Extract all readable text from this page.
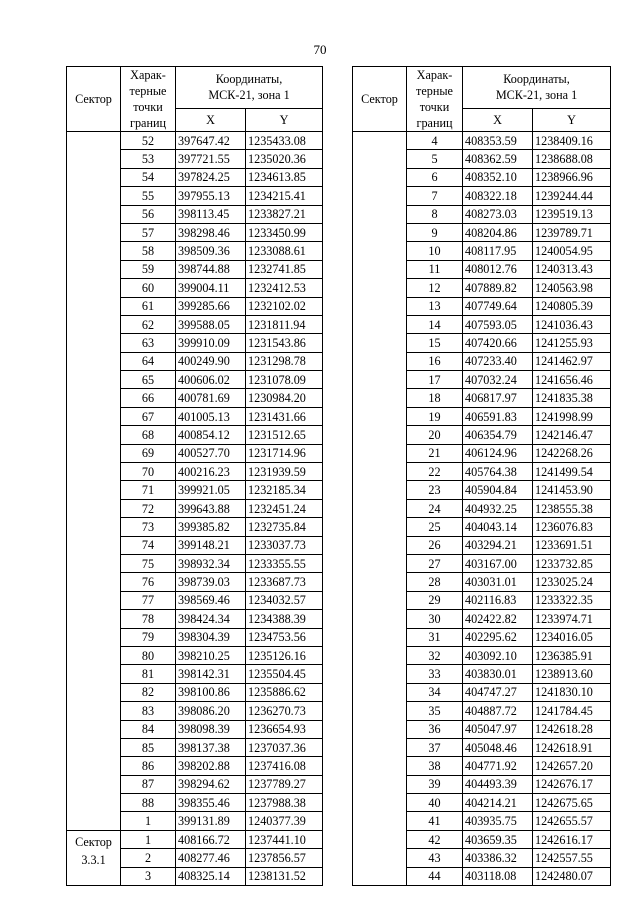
70
Сектор	Харак-
терные
точки
границ	Координаты,
МСК-21, зона 1	
		X	Y
	52	397647.42	1235433.08
	53	397721.55	1235020.36
	54	397824.25	1234613.85
	55	397955.13	1234215.41
	56	398113.45	1233827.21
	57	398298.46	1233450.99
	58	398509.36	1233088.61
	59	398744.88	1232741.85
	60	399004.11	1232412.53
	61	399285.66	1232102.02
	62	399588.05	1231811.94
	63	399910.09	1231543.86
	64	400249.90	1231298.78
	65	400606.02	1231078.09
	66	400781.69	1230984.20
	67	401005.13	1231431.66
	68	400854.12	1231512.65
	69	400527.70	1231714.96
	70	400216.23	1231939.59
	71	399921.05	1232185.34
	72	399643.88	1232451.24
	73	399385.82	1232735.84
	74	399148.21	1233037.73
	75	398932.34	1233355.55
	76	398739.03	1233687.73
	77	398569.46	1234032.57
	78	398424.34	1234388.39
	79	398304.39	1234753.56
	80	398210.25	1235126.16
	81	398142.31	1235504.45
	82	398100.86	1235886.62
	83	398086.20	1236270.73
	84	398098.39	1236654.93
	85	398137.38	1237037.36
	86	398202.88	1237416.08
	87	398294.62	1237789.27
	88	398355.46	1237988.38
	1	399131.89	1240377.39
Сектор
3.3.1	1	408166.72	1237441.10
	2	408277.46	1237856.57
	3	408325.14	1238131.52
Сектор	Харак-
терные
точки
границ	Координаты,
МСК-21, зона 1	
		X	Y
	4	408353.59	1238409.16
	5	408362.59	1238688.08
	6	408352.10	1238966.96
	7	408322.18	1239244.44
	8	408273.03	1239519.13
	9	408204.86	1239789.71
	10	408117.95	1240054.95
	11	408012.76	1240313.43
	12	407889.82	1240563.98
	13	407749.64	1240805.39
	14	407593.05	1241036.43
	15	407420.66	1241255.93
	16	407233.40	1241462.97
	17	407032.24	1241656.46
	18	406817.97	1241835.38
	19	406591.83	1241998.99
	20	406354.79	1242146.47
	21	406124.96	1242268.26
	22	405764.38	1241499.54
	23	405904.84	1241453.90
	24	404932.25	1238555.38
	25	404043.14	1236076.83
	26	403294.21	1233691.51
	27	403167.00	1233732.85
	28	403031.01	1233025.24
	29	402116.83	1233322.35
	30	402422.82	1233974.71
	31	402295.62	1234016.05
	32	403092.10	1236385.91
	33	403830.01	1238913.60
	34	404747.27	1241830.10
	35	404887.72	1241784.45
	36	405047.97	1242618.28
	37	405048.46	1242618.91
	38	404771.92	1242657.20
	39	404493.39	1242676.17
	40	404214.21	1242675.65
	41	403935.75	1242655.57
	42	403659.35	1242616.17
	43	403386.32	1242557.55
	44	403118.08	1242480.07
